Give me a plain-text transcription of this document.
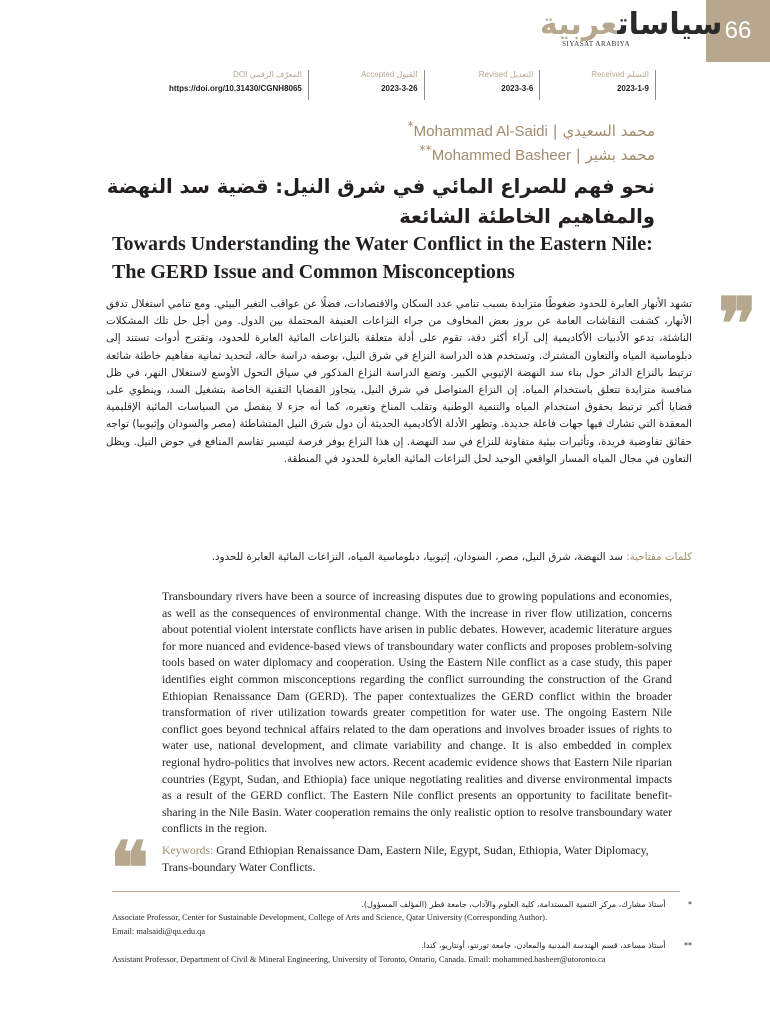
66
سياساتعربية
SIYASAT ARABIYA
التسلم Received
2023-1-9
التعديل Revised
2023-3-6
القبول Accepted
2023-3-26
المعرّف الرقمي DOI
https://doi.org/10.31430/CGNH8065
محمد السعيدي | Mohammad Al-Saidi*
محمد بشير | Mohammed Basheer**
نحو فهم للصراع المائي في شرق النيل: قضية سد النهضة والمفاهيم الخاطئة الشائعة
Towards Understanding the Water Conflict in the Eastern Nile:
The GERD Issue and Common Misconceptions
❞
تشهد الأنهار العابرة للحدود ضغوطًا متزايدة بسبب تنامي عدد السكان والاقتصادات، فضلًا عن عواقب التغير البيئي. ومع تنامي استغلال تدفق الأنهار، كشفت النقاشات العامة عن بروز بعض المخاوف من جراء النزاعات العنيفة المحتملة بين الدول. ومن أجل حل تلك المشكلات الناشئة، تدعو الأدبيات الأكاديمية إلى آراء أكثر دقة، تقوم على أدلة متعلقة بالنزاعات المائية العابرة للحدود، وتقترح أدوات تستند إلى دبلوماسية المياه والتعاون المشترك. وتستخدم هذه الدراسة النزاع في شرق النيل، بوصفه دراسة حالة، لتحديد ثمانية مفاهيم خاطئة شائعة ترتبط بالنزاع الدائر حول بناء سد النهضة الإثيوبي الكبير. وتضع الدراسة النزاع المذكور في سياق التحول الأوسع لاستغلال النهر، في ظل منافسة متزايدة تتعلق باستخدام المياه. إن النزاع المتواصل في شرق النيل، يتجاوز القضايا التقنية الخاصة بتشغيل السد، وينطوي على قضايا أكبر ترتبط بحقوق استخدام المياه والتنمية الوطنية وتقلب المناخ وتغيره، كما أنه جزء لا ينفصل من السياسات المائية الإقليمية المعقدة التي تشارك فيها جهات فاعلة جديدة. وتظهر الأدلة الأكاديمية الحديثة أن دول شرق النيل المتشاطئة (مصر والسودان وإثيوبيا) تواجه حقائق تفاوضية فريدة، وتأثيرات بيئية متفاوتة للنزاع في سد النهضة. إن هذا النزاع يوفر فرصة لتيسير تقاسم المنافع في حوض النيل. ويظل التعاون في مجال المياه المسار الواقعي الوحيد لحل النزاعات المائية العابرة للحدود في المنطقة.
كلمات مفتاحية: سد النهضة، شرق النيل، مصر، السودان، إثيوبيا، دبلوماسية المياه، النزاعات المائية العابرة للحدود.
Transboundary rivers have been a source of increasing disputes due to growing populations and economies, as well as the consequences of environmental change. With the increase in river flow utilization, concerns about potential violent interstate conflicts have arisen in public debates. However, academic literature argues for more nuanced and evidence-based views of transboundary water conflicts and proposes problem-solving tools based on water diplomacy and cooperation. Using the Eastern Nile conflict as a case study, this paper identifies eight common misconceptions regarding the conflict surrounding the construction of the Grand Ethiopian Renaissance Dam (GERD). The paper contextualizes the GERD conflict within the broader transformation of river utilization towards greater competition for water use. The ongoing Eastern Nile conflict goes beyond technical affairs related to the dam operations and involves broader issues of rights to water use, national development, and climate variability and change. It is also embedded in complex regional hydro-politics that involves new actors. Recent academic evidence shows that Eastern Nile riparian countries (Egypt, Sudan, and Ethiopia) face unique negotiating realities and diverse environmental impacts as a result of the GERD conflict. The Eastern Nile conflict presents an opportunity to facilitate benefit-sharing in the Nile Basin. Water cooperation remains the only realistic option to resolve transboundary water conflicts in the region.
❝	Keywords: Grand Ethiopian Renaissance Dam, Eastern Nile, Egypt, Sudan, Ethiopia, Water Diplomacy, Trans-boundary Water Conflicts.
* أستاذ مشارك، مركز التنمية المستدامة، كلية العلوم والآداب، جامعة قطر (المؤلف المسؤول).
Associate Professor, Center for Sustainable Development, College of Arts and Science, Qatar University (Corresponding Author).
Email: malsaidi@qu.edu.qa
** أستاذ مساعد، قسم الهندسة المدنية والمعادن، جامعة تورنتو، أونتاريو، كندا.
Assistant Professor, Department of Civil & Mineral Engineering, University of Toronto, Ontario, Canada. Email: mohammed.basheer@utoronto.ca
